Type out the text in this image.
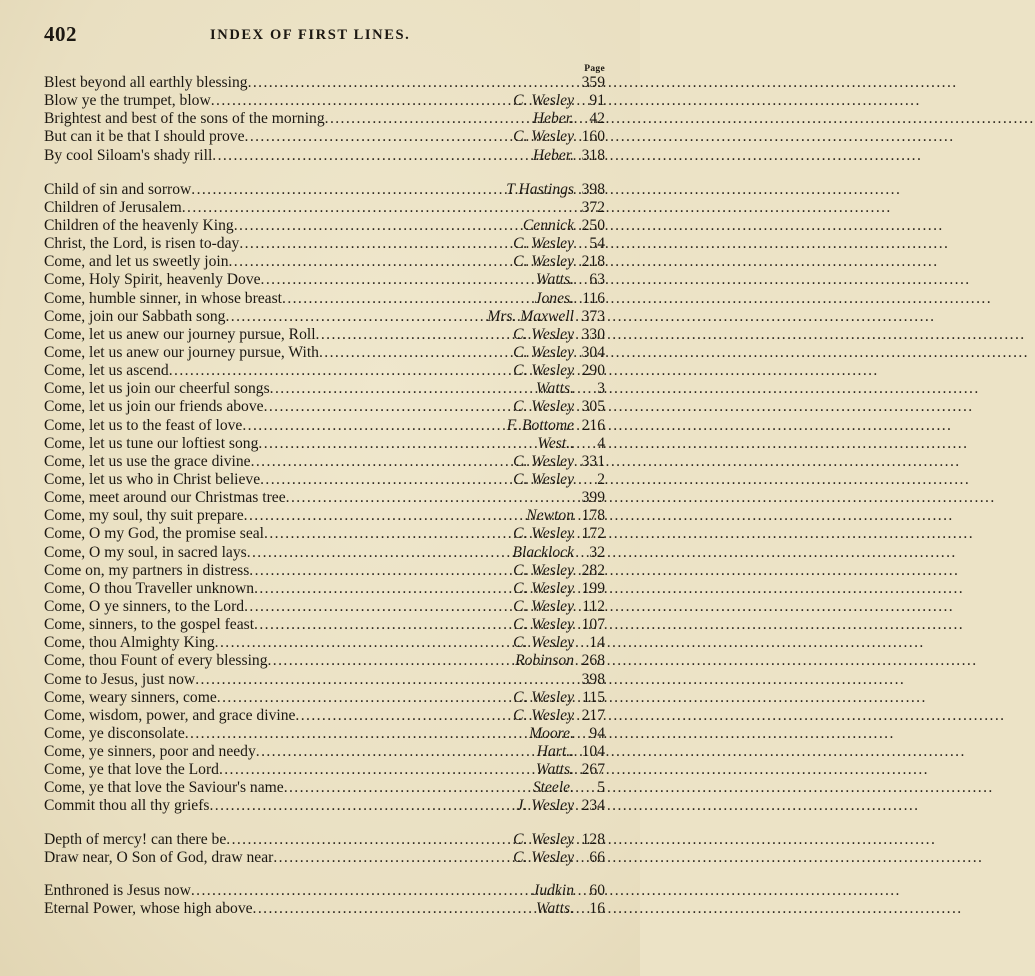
402	INDEX OF FIRST LINES.
Page
Blest beyond all earthly blessing .....	359
Blow ye the trumpet, blow .....	C. Wesley 91
Brightest and best of the sons of the morning .....	Heber. 42
But can it be that I should prove .....	C. Wesley 160
By cool Siloam's shady rill .....	Heber. 318
Child of sin and sorrow .....	T Hastings 398
Children of Jerusalem .....	372
Children of the heavenly King .....	Cennick 250
Christ, the Lord, is risen to-day .....	C. Wesley 54
Come, and let us sweetly join .....	C. Wesley 218
Come, Holy Spirit, heavenly Dove .....	Watts. 63
Come, humble sinner, in whose breast .....	Jones. 116
Come, join our Sabbath song .....	Mrs. Maxwell 373
Come, let us anew our journey pursue, Roll .....	C. Wesley 330
Come, let us anew our journey pursue, With .....	C. Wesley 304
Come, let us ascend .....	C. Wesley 290
Come, let us join our cheerful songs .....	Watts.	3
Come, let us join our friends above .....	C. Wesley 305
Come, let us to the feast of love .....	F. Bottome 216
Come, let us tune our loftiest song .....	West..	4
Come, let us use the grace divine .....	C. Wesley 331
Come, let us who in Christ believe .....	C. Wesley	2
Come, meet around our Christmas tree .....	399
Come, my soul, thy suit prepare .....	Newton 178
Come, O my God, the promise seal .....	C. Wesley 172
Come, O my soul, in sacred lays .....	Blacklock 32
Come on, my partners in distress .....	C. Wesley 282
Come, O thou Traveller unknown .....	C. Wesley 199
Come, O ye sinners, to the Lord .....	C. Wesley 112
Come, sinners, to the gospel feast .....	C. Wesley 107
Come, thou Almighty King .....	C. Wesley 14
Come, thou Fount of every blessing .....	Robinson 268
Come to Jesus, just now .....	398
Come, weary sinners, come .....	C. Wesley 115
Come, wisdom, power, and grace divine .....	C. Wesley 217
Come, ye disconsolate .....	Moore. 94
Come, ye sinners, poor and needy .....	Hart.. 104
Come, ye that love the Lord .....	Watts. 267
Come, ye that love the Saviour's name .....	Steele.	5
Commit thou all thy griefs .....	J. Wesley 234
Depth of mercy! can there be .....	C. Wesley 128
Draw near, O Son of God, draw near .....	C. Wesley 66
Enthroned is Jesus now .....	Judkin 60
Eternal Power, whose high above .....	Watts. 16
